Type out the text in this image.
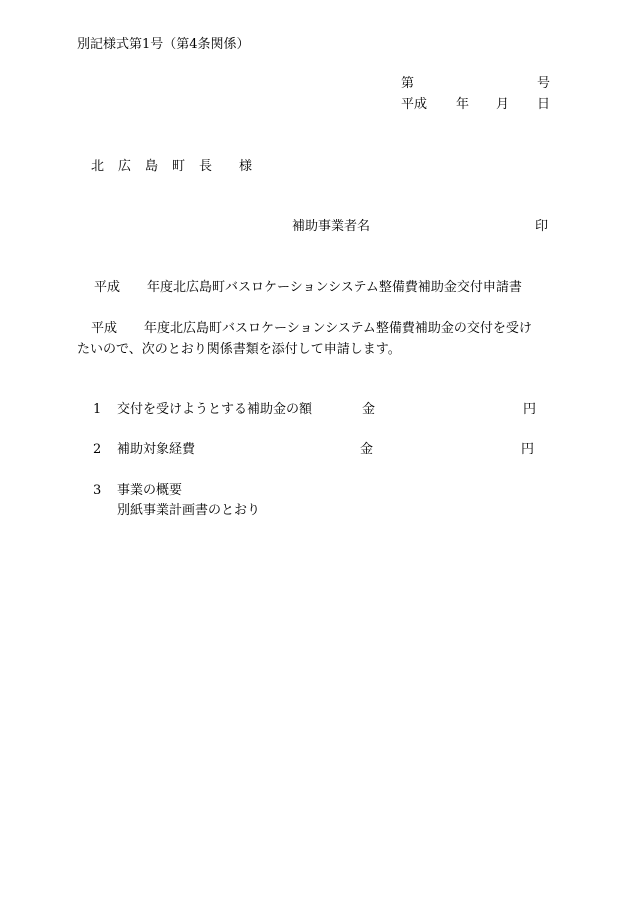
別記様式第1号（第4条関係）
第	号
平成 年 月 日
北 広 島 町 長 様
補助事業者名	印
平成 年度北広島町バスロケーションシステム整備費補助金交付申請書
平成 年度北広島町バスロケーションシステム整備費補助金の交付を受け
たいので、次のとおり関係書類を添付して申請します。
1 交付を受けようとする補助金の額	金	円
2 補助対象経費	金	円
3 事業の概要
別紙事業計画書のとおり
